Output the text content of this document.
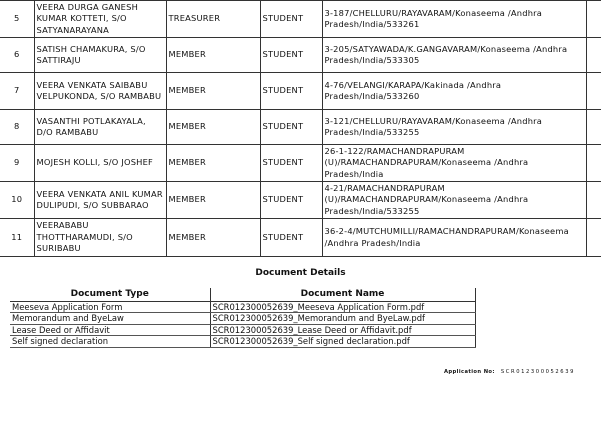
5	VEERA DURGA GANESH KUMAR KOTTETI, S/O SATYANARAYANA	TREASURER	STUDENT	3-187/CHELLURU/RAYAVARAM/Konaseema /Andhra Pradesh/India/533261	
6	SATISH CHAMAKURA, S/O SATTIRAJU	MEMBER	STUDENT	3-205/SATYAWADA/K.GANGAVARAM/Konaseema /Andhra Pradesh/India/533305	
7	VEERA VENKATA SAIBABU VELPUKONDA, S/O RAMBABU	MEMBER	STUDENT	4-76/VELANGI/KARAPA/Kakinada /Andhra Pradesh/India/533260	
8	VASANTHI POTLAKAYALA, D/O RAMBABU	MEMBER	STUDENT	3-121/CHELLURU/RAYAVARAM/Konaseema /Andhra Pradesh/India/533255	
9	MOJESH KOLLI, S/O JOSHEF	MEMBER	STUDENT	26-1-122/RAMACHANDRAPURAM (U)/RAMACHANDRAPURAM/Konaseema /Andhra Pradesh/India	
10	VEERA VENKATA ANIL KUMAR DULIPUDI, S/O SUBBARAO	MEMBER	STUDENT	4-21/RAMACHANDRAPURAM (U)/RAMACHANDRAPURAM/Konaseema /Andhra Pradesh/India/533255	
11	VEERABABU THOTTHARAMUDI, S/O SURIBABU	MEMBER	STUDENT	36-2-4/MUTCHUMILLI/RAMACHANDRAPURAM/Konaseema /Andhra Pradesh/India	
Document Details
Document Type	Document Name
Meeseva Application Form	SCR012300052639_Meeseva Application Form.pdf
Memorandum and ByeLaw	SCR012300052639_Memorandum and ByeLaw.pdf
Lease Deed or Affidavit	SCR012300052639_Lease Deed or Affidavit.pdf
Self signed declaration	SCR012300052639_Self signed declaration.pdf
Application No: SCR012300052639
